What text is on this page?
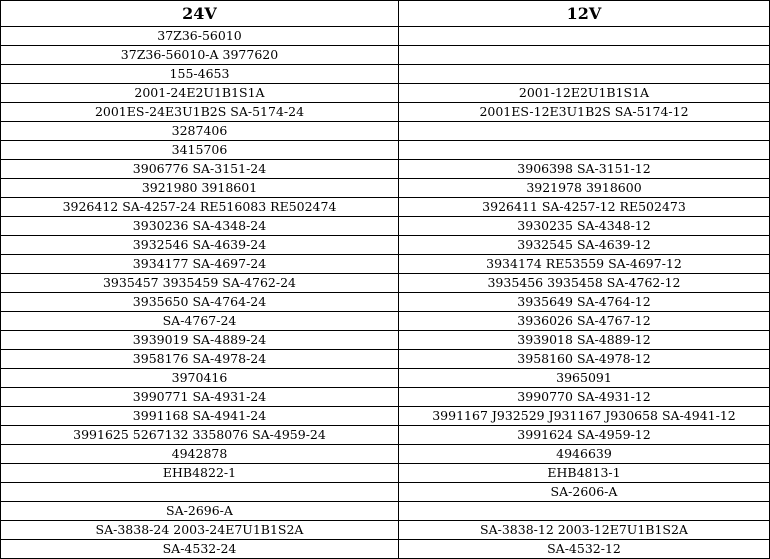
24V	12V
37Z36-56010	
37Z36-56010-A 3977620	
155-4653	
2001-24E2U1B1S1A	2001-12E2U1B1S1A
2001ES-24E3U1B2S SA-5174-24	2001ES-12E3U1B2S SA-5174-12
3287406	
3415706	
3906776 SA-3151-24	3906398 SA-3151-12
3921980 3918601	3921978 3918600
3926412 SA-4257-24 RE516083 RE502474	3926411 SA-4257-12 RE502473
3930236 SA-4348-24	3930235 SA-4348-12
3932546 SA-4639-24	3932545 SA-4639-12
3934177 SA-4697-24	3934174 RE53559 SA-4697-12
3935457 3935459 SA-4762-24	3935456 3935458 SA-4762-12
3935650 SA-4764-24	3935649 SA-4764-12
SA-4767-24	3936026 SA-4767-12
3939019 SA-4889-24	3939018 SA-4889-12
3958176 SA-4978-24	3958160 SA-4978-12
3970416	3965091
3990771 SA-4931-24	3990770 SA-4931-12
3991168 SA-4941-24	3991167 J932529 J931167 J930658 SA-4941-12
3991625 5267132 3358076 SA-4959-24	3991624 SA-4959-12
4942878	4946639
EHB4822-1	EHB4813-1
	SA-2606-A
SA-2696-A	
SA-3838-24 2003-24E7U1B1S2A	SA-3838-12 2003-12E7U1B1S2A
SA-4532-24	SA-4532-12
